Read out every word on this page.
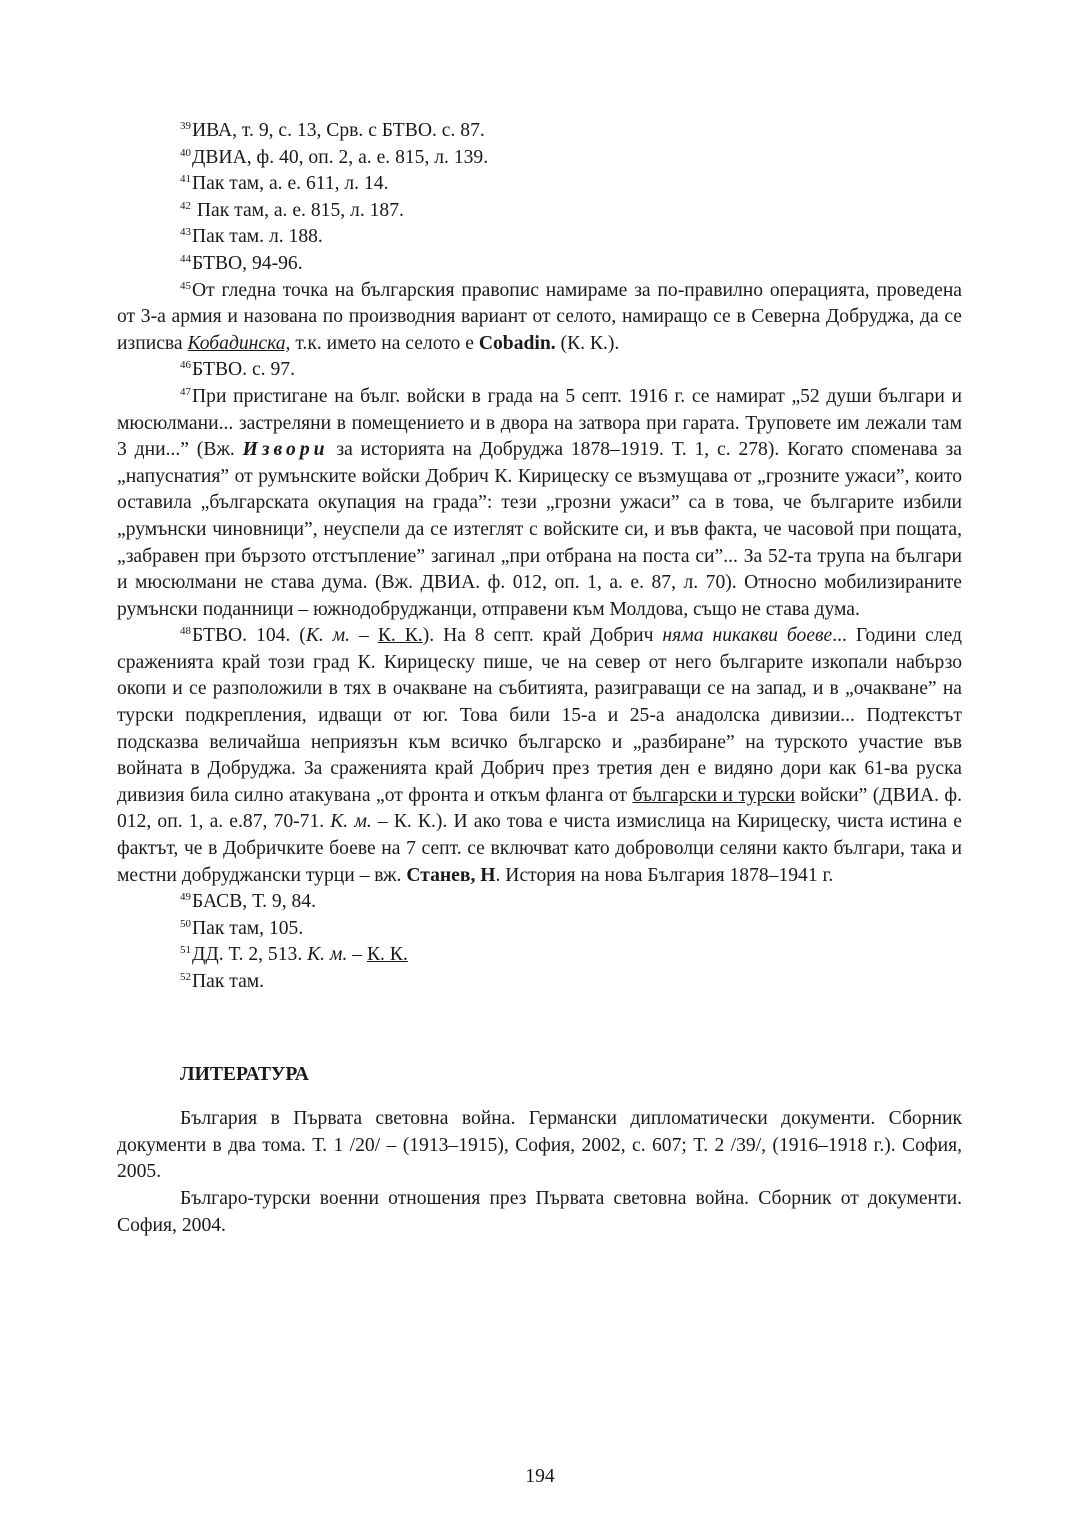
$^{39}$ИВА, т. 9, с. 13, Срв. с БТВО. с. 87.

$^{40}$ДВИА, ф. 40, оп. 2, а. е. 815, л. 139.

$^{41}$Пак там, а. е. 611, л. 14.

$^{42}$ Пак там, а. е. 815, л. 187.

$^{43}$Пак там. л. 188.

$^{44}$БТВО, 94-96.

$^{45}$От гледна точка на българския правопис намираме за по-правилно операцията, проведена от 3-а армия и назована по производния вариант от селото, намиращо се в Северна Добруджа, да се изписва Кобадинска, т.к. името на селото е Cobadin. (К. К.).

$^{46}$БТВО. с. 97.

$^{47}$При пристигане на бълг. войски в града на 5 септ. 1916 г. се намират „52 души българи и мюсюлмани... застреляни в помещението и в двора на затвора при гарата. Труповете им лежали там 3 дни...” (Вж. Извори за историята на Добруджа 1878–1919. Т. 1, с. 278). Когато споменава за „напуснатия” от румънските войски Добрич К. Кирицеску се възмущава от „грозните ужаси”, които оставила „българската окупация на града”: тези „грозни ужаси” са в това, че българите избили „румънски чиновници”, неуспели да се изтеглят с войските си, и във факта, че часовой при пощата, „забравен при бързото отстъпление” загинал „при отбрана на поста си”... За 52-та трупа на българи и мюсюлмани не става дума. (Вж. ДВИА. ф. 012, оп. 1, а. е. 87, л. 70). Относно мобилизираните румънски поданници – южнодобруджанци, отправени към Молдова, също не става дума.

$^{48}$БТВО. 104. (К. м. – К. К.). На 8 септ. край Добрич няма никакви боеве... Години след сраженията край този град К. Кирицеску пише, че на север от него българите изкопали набързо окопи и се разположили в тях в очакване на събитията, разиграващи се на запад, и в „очакване” на турски подкрепления, идващи от юг. Това били 15-а и 25-а анадолска дивизии... Подтекстът подсказва величайша неприязън към всичко българско и „разбиране” на турското участие във войната в Добруджа. За сраженията край Добрич през третия ден е видяно дори как 61-ва руска дивизия била силно атакувана „от фронта и откъм фланга от български и турски войски” (ДВИА. ф. 012, оп. 1, а. е.87, 70-71. К. м. – К. К.). И ако това е чиста измислица на Кирицеску, чиста истина е фактът, че в Добричките боеве на 7 септ. се включват като доброволци селяни както българи, така и местни добруджански турци – вж. Станев, Н. История на нова България 1878–1941 г.

$^{49}$БАСВ, Т. 9, 84.

$^{50}$Пак там, 105.

$^{51}$ДД. Т. 2, 513. К. м. – К. К.

$^{52}$Пак там.

ЛИТЕРАТУРА

България в Първата световна война. Германски дипломатически документи. Сборник документи в два тома. Т. 1 /20/ – (1913–1915), София, 2002, с. 607; Т. 2 /39/, (1916–1918 г.). София, 2005.

Българо-турски военни отношения през Първата световна война. Сборник от документи. София, 2004.

194
